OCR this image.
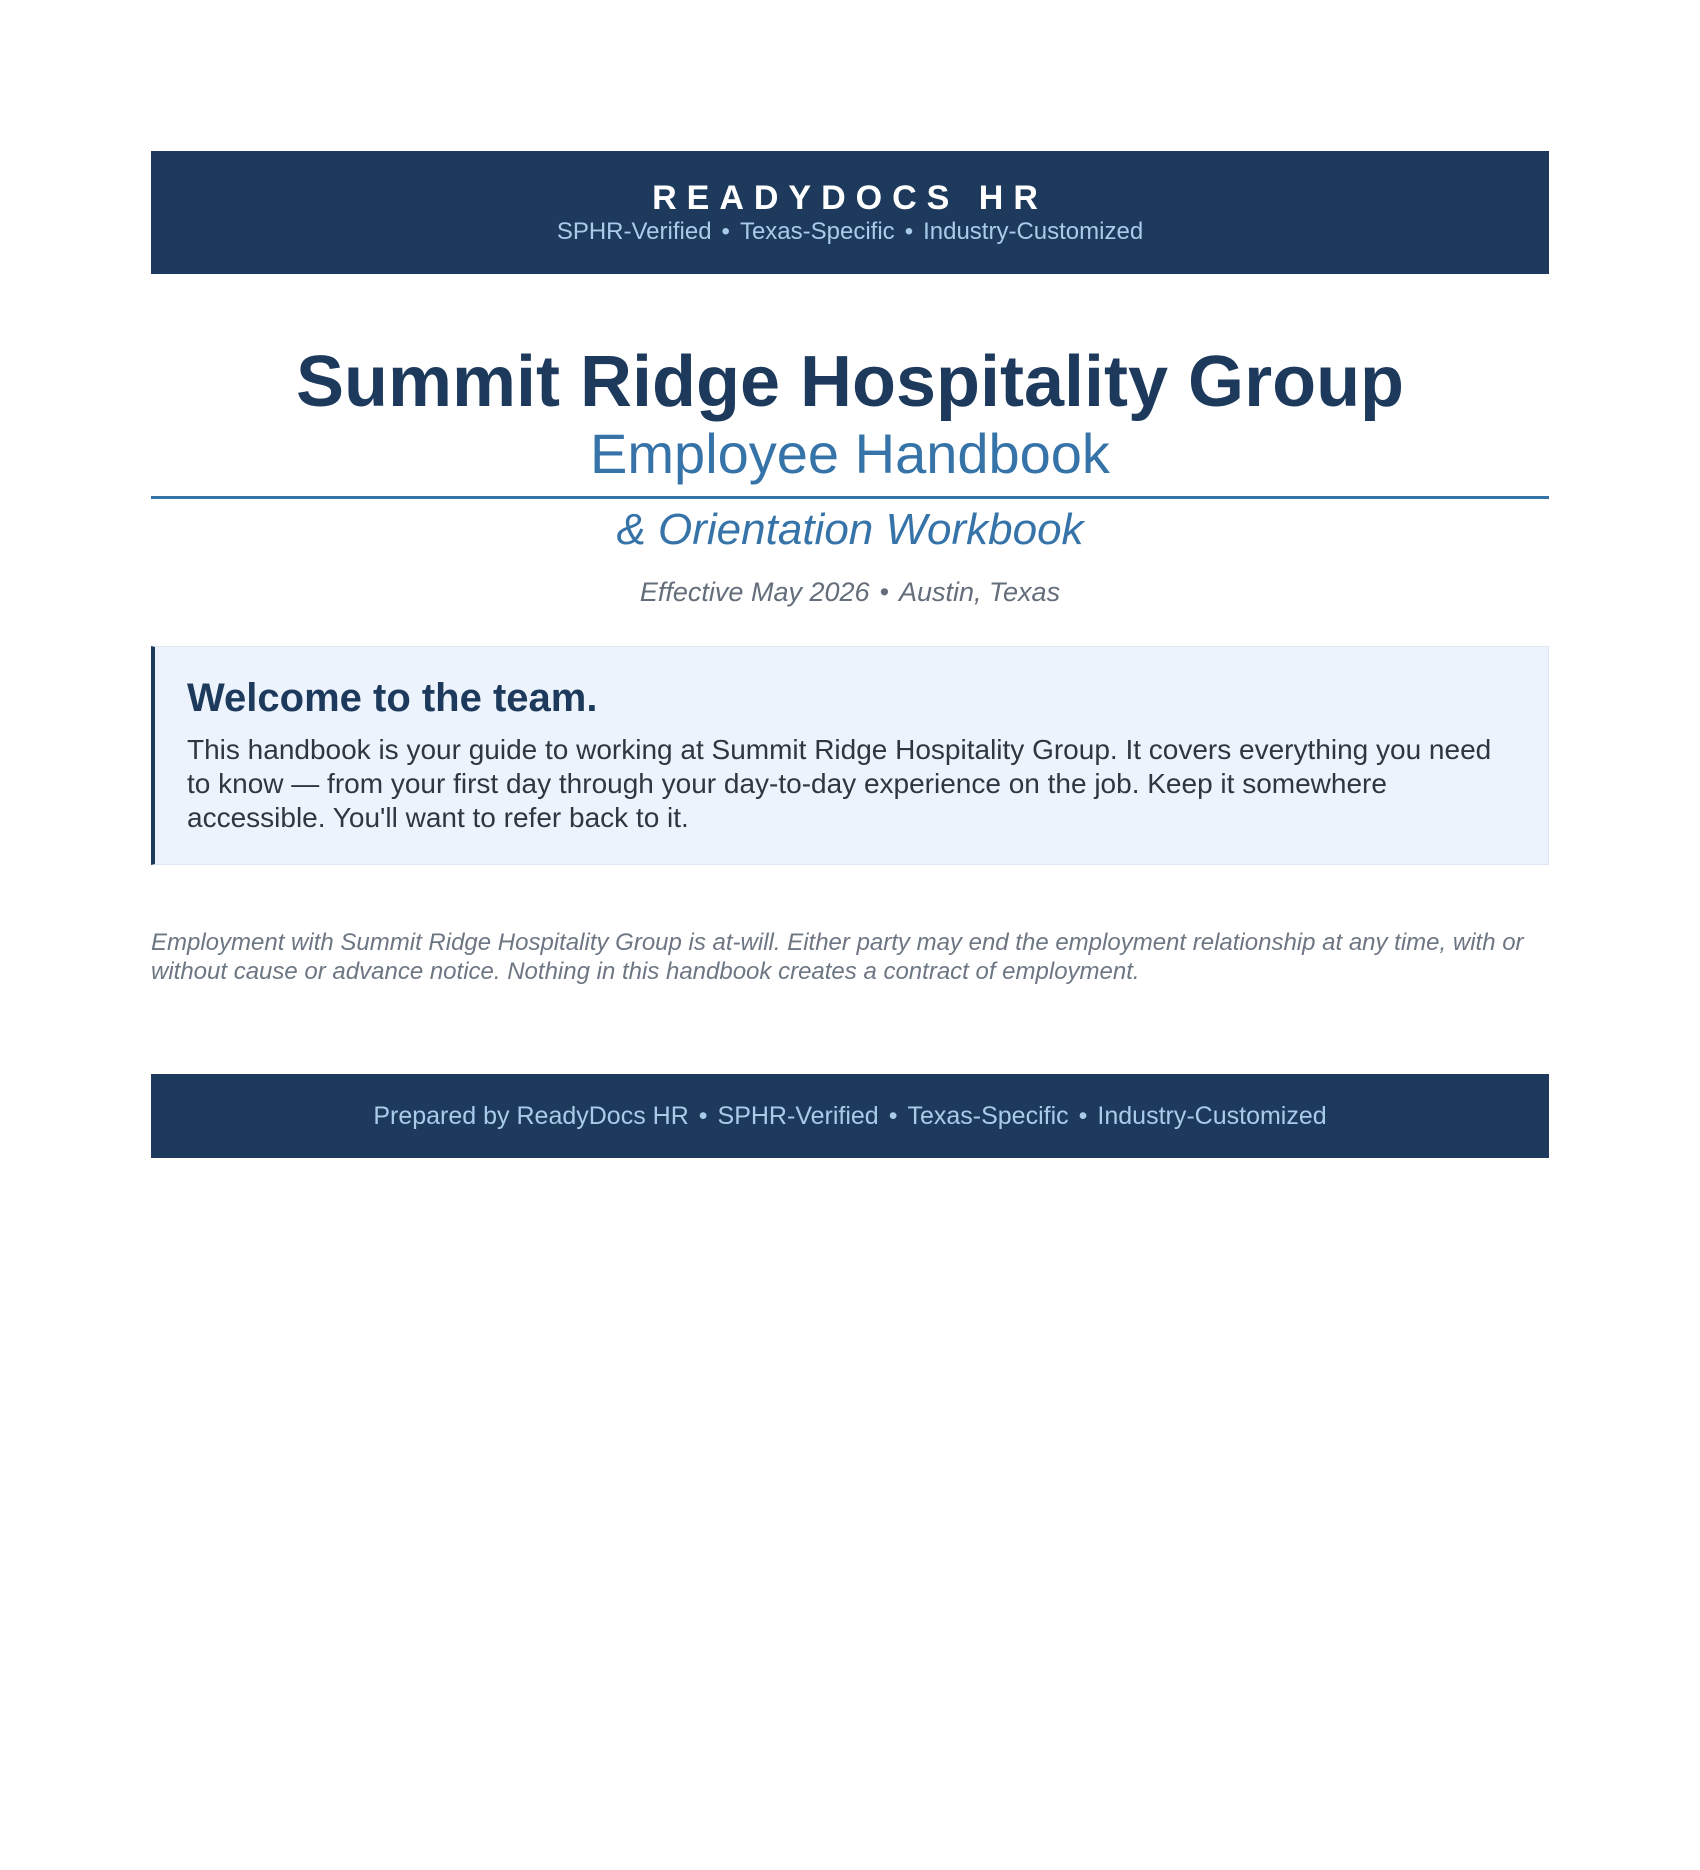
READYDOCS HR
SPHR-Verified • Texas-Specific • Industry-Customized
Summit Ridge Hospitality Group
Employee Handbook
& Orientation Workbook
Effective May 2026 • Austin, Texas
Welcome to the team.
This handbook is your guide to working at Summit Ridge Hospitality Group. It covers everything you need to know — from your first day through your day-to-day experience on the job. Keep it somewhere accessible. You'll want to refer back to it.
Employment with Summit Ridge Hospitality Group is at-will. Either party may end the employment relationship at any time, with or without cause or advance notice. Nothing in this handbook creates a contract of employment.
Prepared by ReadyDocs HR • SPHR-Verified • Texas-Specific • Industry-Customized
